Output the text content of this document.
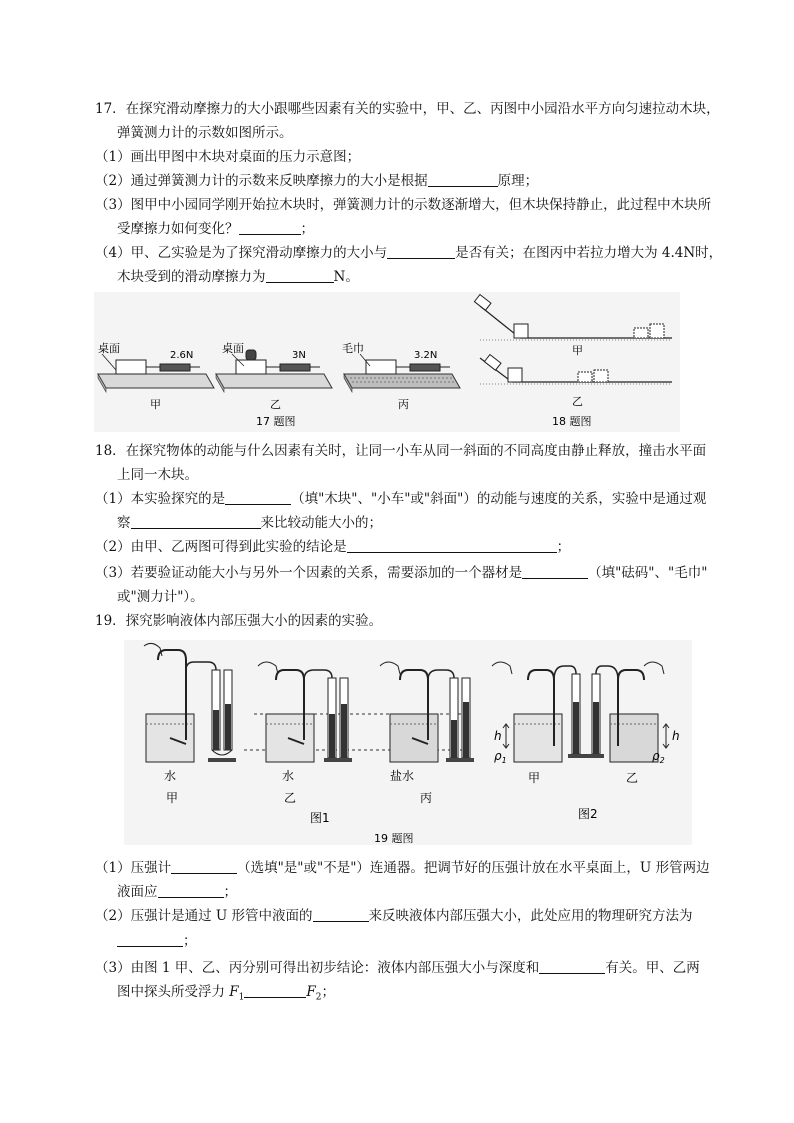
17．在探究滑动摩擦力的大小跟哪些因素有关的实验中，甲、乙、丙图中小园沿水平方向匀速拉动木块，
弹簧测力计的示数如图所示。
（1）画出甲图中木块对桌面的压力示意图；
（2）通过弹簧测力计的示数来反映摩擦力的大小是根据	原理；
（3）图甲中小园同学刚开始拉木块时，弹簧测力计的示数逐渐增大，但木块保持静止，此过程中木块所
受摩擦力如何变化？	；
（4）甲、乙实验是为了探究滑动摩擦力的大小与	是否有关；在图丙中若拉力增大为 4.4N时，
木块受到的滑动摩擦力为	N。
桌面
2.6N
甲
桌面
3N
乙
毛巾
3.2N
丙
17 题图
甲
乙
18 题图
18．在探究物体的动能与什么因素有关时，让同一小车从同一斜面的不同高度由静止释放，撞击水平面
上同一木块。
（1）本实验探究的是	（填"木块"、"小车"或"斜面"）的动能与速度的关系，实验中是通过观
察	来比较动能大小的；
（2）由甲、乙两图可得到此实验的结论是	；
（3）若要验证动能大小与另外一个因素的关系，需要添加的一个器材是	（填"砝码"、"毛巾"
或"测力计"）。
19．探究影响液体内部压强大小的因素的实验。
水
甲
水
乙
盐水
丙
图1
h	h
$\rho_1$	$\rho_2$
甲	乙
图2
19 题图
（1）压强计	（选填"是"或"不是"）连通器。把调节好的压强计放在水平桌面上，U 形管两边
液面应	；
（2）压强计是通过 U 形管中液面的	来反映液体内部压强大小，此处应用的物理研究方法为
；
（3）由图 1 甲、乙、丙分别可得出初步结论：液体内部压强大小与深度和	有关。甲、乙两
图中探头所受浮力 $F_1$	$F_2$；
